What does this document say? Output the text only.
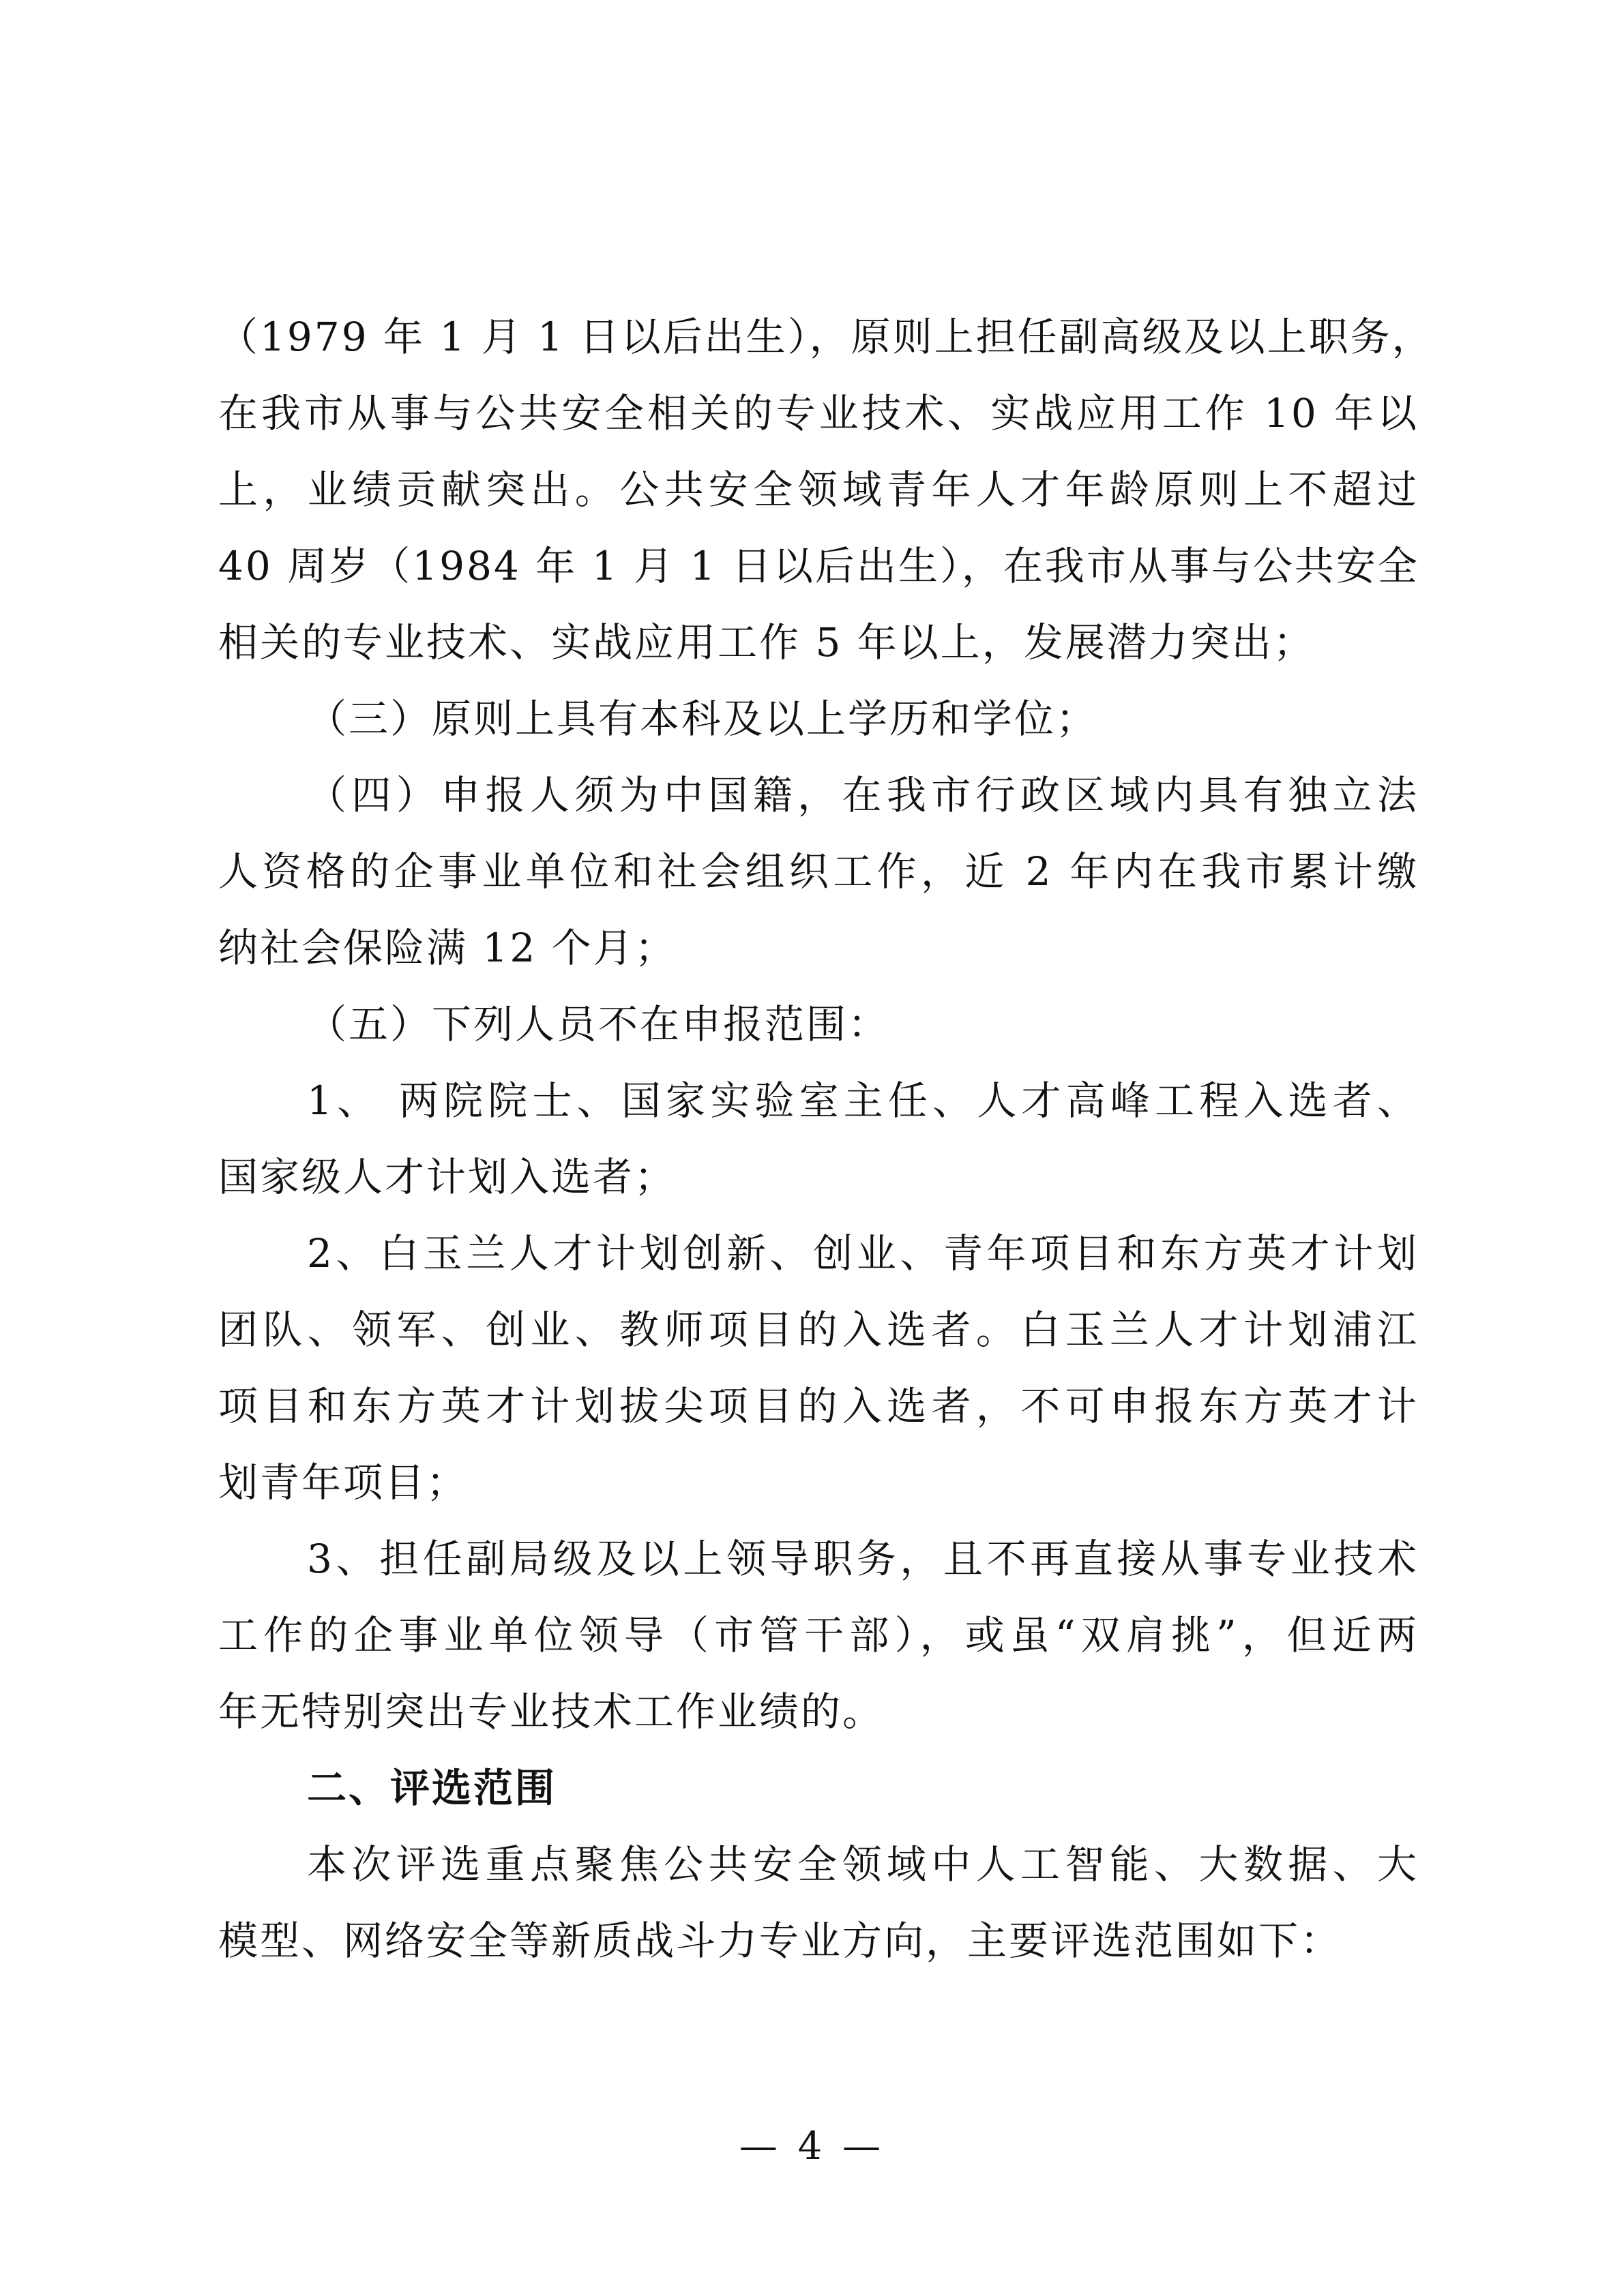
（1979 年 1 月 1 日以后出生），原则上担任副高级及以上职务，
在我市从事与公共安全相关的专业技术、实战应用工作 10 年以
上，业绩贡献突出。公共安全领域青年人才年龄原则上不超过
40 周岁（1984 年 1 月 1 日以后出生），在我市从事与公共安全
相关的专业技术、实战应用工作 5 年以上，发展潜力突出；
（三）原则上具有本科及以上学历和学位；
（四）申报人须为中国籍，在我市行政区域内具有独立法
人资格的企事业单位和社会组织工作，近 2 年内在我市累计缴
纳社会保险满 12 个月；
（五）下列人员不在申报范围：
1、 两院院士、国家实验室主任、人才高峰工程入选者、
国家级人才计划入选者；
2、白玉兰人才计划创新、创业、青年项目和东方英才计划
团队、领军、创业、教师项目的入选者。白玉兰人才计划浦江
项目和东方英才计划拔尖项目的入选者，不可申报东方英才计
划青年项目；
3、担任副局级及以上领导职务，且不再直接从事专业技术
工作的企事业单位领导（市管干部），或虽“双肩挑”，但近两
年无特别突出专业技术工作业绩的。
二、评选范围
本次评选重点聚焦公共安全领域中人工智能、大数据、大
模型、网络安全等新质战斗力专业方向，主要评选范围如下：
— 4 —
